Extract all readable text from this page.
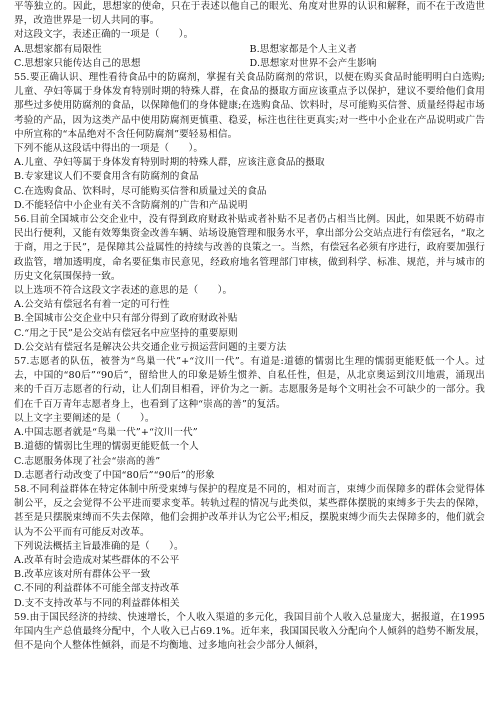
平等独立的。因此，思想家的使命，只在于表述以他自己的眼光、角度对世界的认识和解释，而不在于改造世界，改造世界是一切人共同的事。

对这段文字，表述正确的一项是（　　）。

A.思想家都有局限性	B.思想家都是个人主义者
C.思想家只能传达自己的思想	D.思想家对世界不会产生影响

55.要正确认识、理性看待食品中的防腐剂，掌握有关食品防腐剂的常识，以便在购买食品时能明明白白选购;儿童、孕妇等属于身体发育特别时期的特殊人群，在食品的摄取方面应该重点予以保护，建议不要给他们食用那些过多使用防腐剂的食品，以保障他们的身体健康;在选购食品、饮料时，尽可能购买信誉、质量经得起市场考验的产品，因为这类产品中使用防腐剂更慎重、稳妥，标注也往往更真实;对一些中小企业在产品说明或广告中所宣称的“本品绝对不含任何防腐剂”要轻易相信。

下列不能从这段话中得出的一项是（　　）。

A.儿童、孕妇等属于身体发育特别时期的特殊人群，应该注意食品的摄取

B.专家建议人们不要食用含有防腐剂的食品

C.在选购食品、饮料时，尽可能购买信誉和质量过关的食品

D.不能轻信中小企业有关不含防腐剂的广告和产品说明

56.目前全国城市公交企业中，没有得到政府财政补贴或者补贴不足者仍占相当比例。因此，如果既不妨碍市民出行便利，又能有效筹集资金改善车辆、站场设施管理和服务水平，拿出部分公交站点进行有偿冠名，“取之于商，用之于民”，是保障其公益属性的持续与改善的良策之一。当然，有偿冠名必须有序进行，政府要加强行政监管，增加透明度，命名要征集市民意见，经政府地名管理部门审核，做到科学、标准、规范，并与城市的历史文化氛围保持一致。

以上选项不符合这段文字表述的意思的是（　　）。

A.公交站有偿冠名有着一定的可行性

B.全国城市公交企业中只有部分得到了政府财政补贴

C.“用之于民”是公交站有偿冠名中应坚持的重要原则

D.公交站有偿冠名是解决公共交通企业亏损运营问题的主要方法

57.志愿者的队伍，被誉为“鸟巢一代”+“汶川一代”。有道是:道德的懦弱比生理的懦弱更能贬低一个人。过去，中国的“80后”“90后”，留给世人的印象是娇生惯养、自私任性，但是，从北京奥运到汶川地震，涌现出来的千百万志愿者的行动，让人们刮目相看，评价为之一新。志愿服务是每个文明社会不可缺少的一部分。我们在千百万青年志愿者身上，也看到了这种“崇高的善”的复活。

以上文字主要阐述的是（　　）。

A.中国志愿者就是“鸟巢一代”+“汶川一代”

B.道德的懦弱比生理的懦弱更能贬低一个人

C.志愿服务体现了社会“崇高的善”

D.志愿者行动改变了中国“80后”“90后”的形象

58.不同利益群体在特定体制中所受束缚与保护的程度是不同的，相对而言，束缚少而保障多的群体会觉得体制公平，反之会觉得不公平进而要求变革。转轨过程的情况与此类似，某些群体摆脱的束缚多于失去的保障，甚至是只摆脱束缚而不失去保障，他们会拥护改革并认为它公平;相反，摆脱束缚少而失去保障多的，他们就会认为不公平而有可能反对改革。

下列说法概括主旨最准确的是（　　）。

A.改革有时会造成对某些群体的不公平

B.改革应该对所有群体公平一致

C.不同的利益群体不可能全部支持改革

D.支不支持改革与不同的利益群体相关

59.由于国民经济的持续、快速增长，个人收入渠道的多元化，我国目前个人收入总量庞大，据报道，在1995年国内生产总值最终分配中，个人收入已占69.1%。近年来，我国国民收入分配向个人倾斜的趋势不断发展，但不是向个人整体性倾斜，而是不均衡地、过多地向社会少部分人倾斜，
